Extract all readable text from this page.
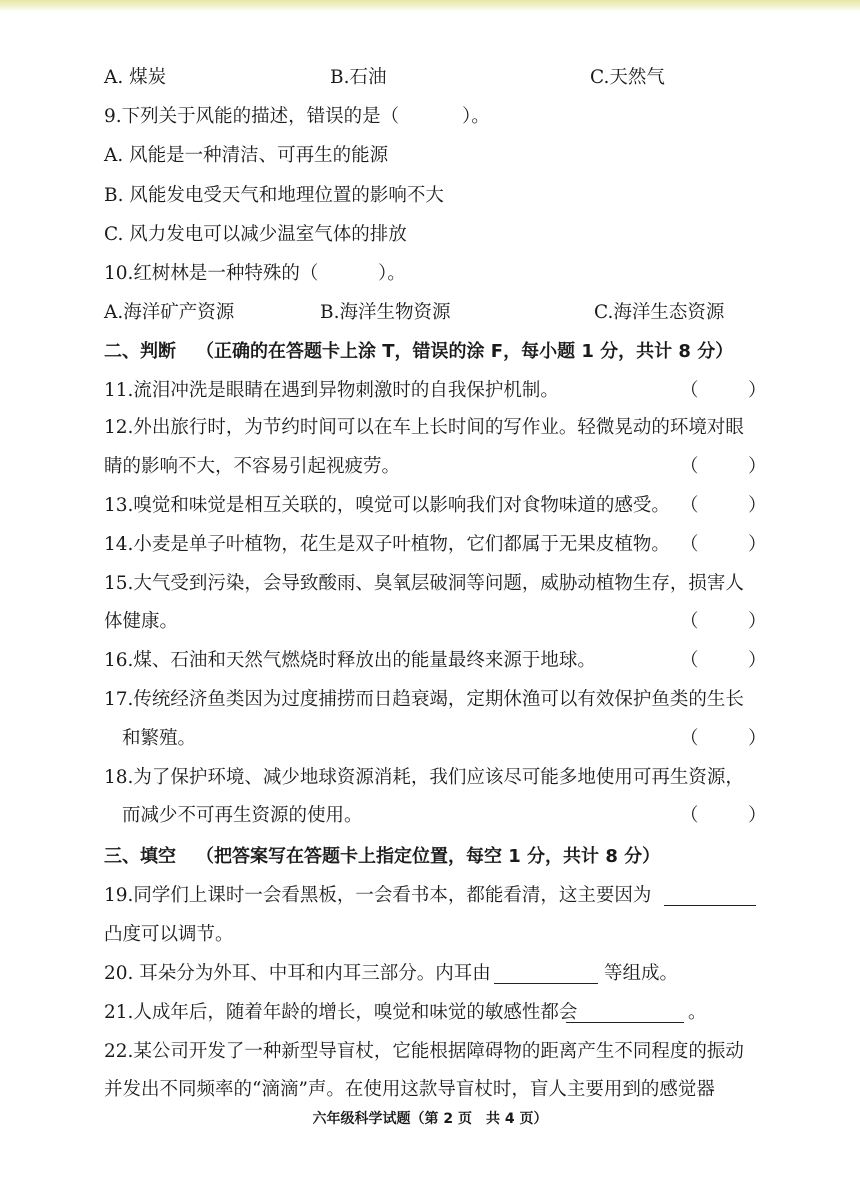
A. 煤炭	B.石油	C.天然气
9.下列关于风能的描述，错误的是（	）。
A. 风能是一种清洁、可再生的能源
B. 风能发电受天气和地理位置的影响不大
C. 风力发电可以减少温室气体的排放
10.红树林是一种特殊的（	）。
A.海洋矿产资源	B.海洋生物资源	C.海洋生态资源
二、判断 （正确的在答题卡上涂 T，错误的涂 F，每小题 1 分，共计 8 分）
11.流泪冲洗是眼睛在遇到异物刺激时的自我保护机制。	（	）
12.外出旅行时，为节约时间可以在车上长时间的写作业。轻微晃动的环境对眼
睛的影响不大，不容易引起视疲劳。	（	）
13.嗅觉和味觉是相互关联的，嗅觉可以影响我们对食物味道的感受。 （	）
14.小麦是单子叶植物，花生是双子叶植物，它们都属于无果皮植物。 （	）
15.大气受到污染，会导致酸雨、臭氧层破洞等问题，威胁动植物生存，损害人
体健康。	（	）
16.煤、石油和天然气燃烧时释放出的能量最终来源于地球。	（	）
17.传统经济鱼类因为过度捕捞而日趋衰竭，定期休渔可以有效保护鱼类的生长
和繁殖。	（	）
18.为了保护环境、减少地球资源消耗，我们应该尽可能多地使用可再生资源，
而减少不可再生资源的使用。	（	）
三、填空 （把答案写在答题卡上指定位置，每空 1 分，共计 8 分）
19.同学们上课时一会看黑板，一会看书本，都能看清，这主要因为
凸度可以调节。
20. 耳朵分为外耳、中耳和内耳三部分。内耳由	等组成。
21.人成年后，随着年龄的增长，嗅觉和味觉的敏感性都会	。
22.某公司开发了一种新型导盲杖，它能根据障碍物的距离产生不同程度的振动
并发出不同频率的“滴滴”声。在使用这款导盲杖时，盲人主要用到的感觉器
六年级科学试题（第 2 页　共 4 页）
